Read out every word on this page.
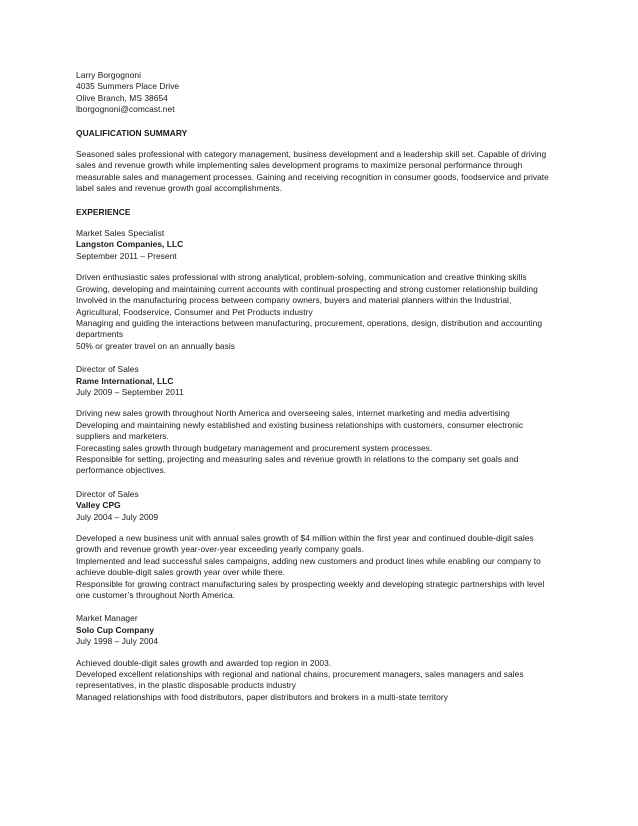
Larry Borgognoni
4035 Summers Place Drive
Olive Branch, MS 38654
lborgognoni@comcast.net
QUALIFICATION SUMMARY
Seasoned sales professional with category management, business development and a leadership skill set. Capable of driving
sales and revenue growth while implementing sales development programs to maximize personal performance through
measurable sales and management processes. Gaining and receiving recognition in consumer goods, foodservice and private
label sales and revenue growth goal accomplishments.
EXPERIENCE
Market Sales Specialist
Langston Companies, LLC
September 2011 – Present
Driven enthusiastic sales professional with strong analytical, problem-solving, communication and creative thinking skills
Growing, developing and maintaining current accounts with continual prospecting and strong customer relationship building
Involved in the manufacturing process between company owners, buyers and material planners within the Industrial,
Agricultural, Foodservice, Consumer and Pet Products industry
Managing and guiding the interactions between manufacturing, procurement, operations, design, distribution and accounting
departments
50% or greater travel on an annually basis
Director of Sales
Rame International, LLC
July 2009 – September 2011
Driving new sales growth throughout North America and overseeing sales, internet marketing and media advertising
Developing and maintaining newly established and existing business relationships with customers, consumer electronic
suppliers and marketers.
Forecasting sales growth through budgetary management and procurement system processes.
Responsible for setting, projecting and measuring sales and revenue growth in relations to the company set goals and
performance objectives.
Director of Sales
Valley CPG
July 2004 – July 2009
Developed a new business unit with annual sales growth of $4 million within the first year and continued double-digit sales
growth and revenue growth year-over-year exceeding yearly company goals.
Implemented and lead successful sales campaigns, adding new customers and product lines while enabling our company to
achieve double-digit sales growth year over while there.
Responsible for growing contract manufacturing sales by prospecting weekly and developing strategic partnerships with level
one customer’s throughout North America.
Market Manager
Solo Cup Company
July 1998 – July 2004
Achieved double-digit sales growth and awarded top region in 2003.
Developed excellent relationships with regional and national chains, procurement managers, sales managers and sales
representatives, in the plastic disposable products industry
Managed relationships with food distributors, paper distributors and brokers in a multi-state territory
